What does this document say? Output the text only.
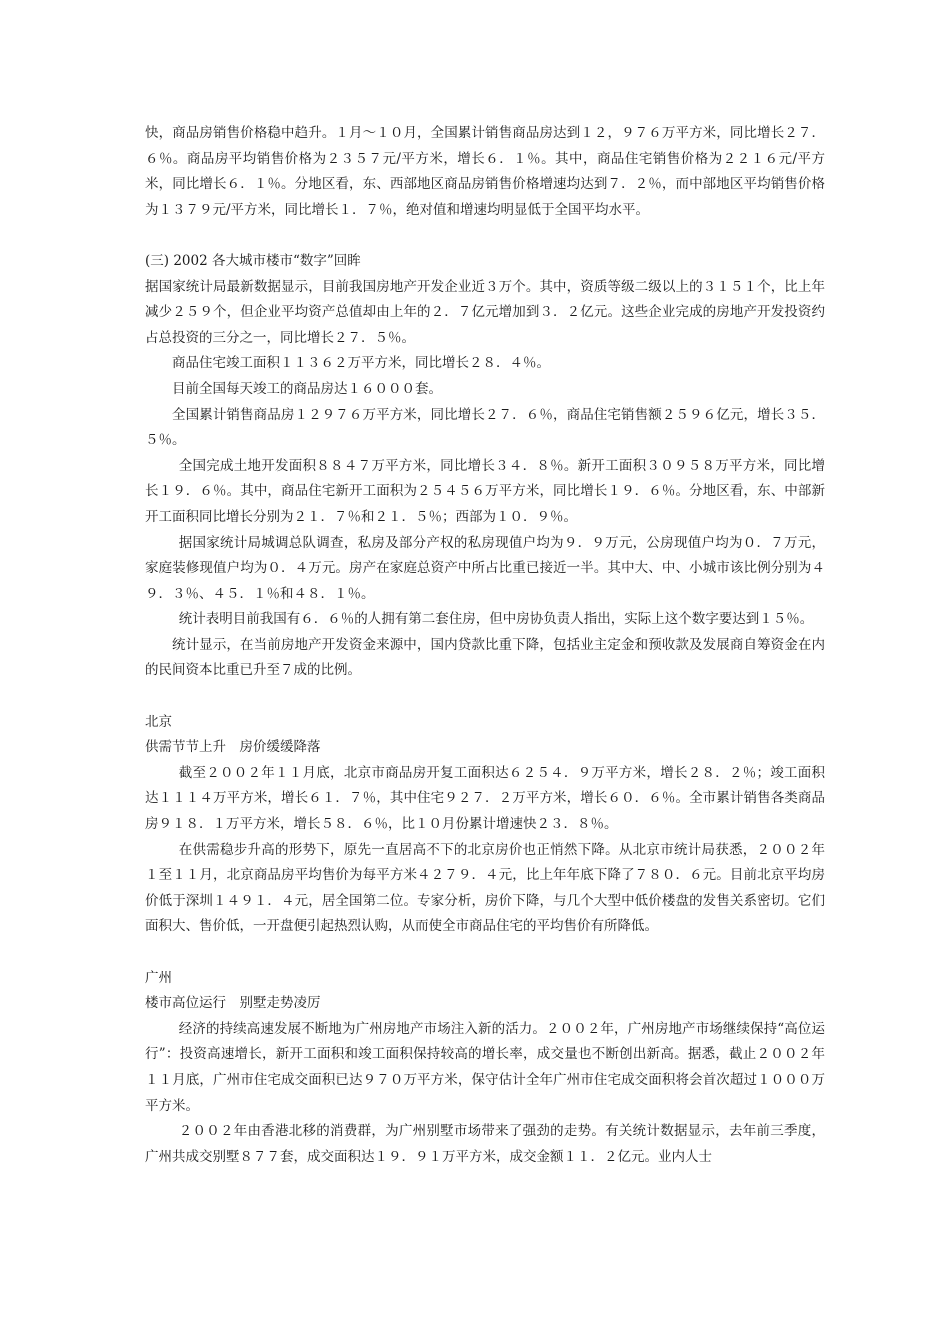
快，商品房销售价格稳中趋升。１月～１０月，全国累计销售商品房达到１２，９７６万平方米，同比增长２７．６％。商品房平均销售价格为２３５７元/平方米，增长６．１％。其中，商品住宅销售价格为２２１６元/平方米，同比增长６．１％。分地区看，东、西部地区商品房销售价格增速均达到７．２％，而中部地区平均销售价格为１３７９元/平方米，同比增长１．７％，绝对值和增速均明显低于全国平均水平。

(三) 2002 各大城市楼市“数字”回眸

据国家统计局最新数据显示，目前我国房地产开发企业近３万个。其中，资质等级二级以上的３１５１个，比上年减少２５９个，但企业平均资产总值却由上年的２．７亿元增加到３．２亿元。这些企业完成的房地产开发投资约占总投资的三分之一，同比增长２７．５％。

商品住宅竣工面积１１３６２万平方米，同比增长２８．４％。

目前全国每天竣工的商品房达１６０００套。

全国累计销售商品房１２９７６万平方米，同比增长２７．６％，商品住宅销售额２５９６亿元，增长３５．５％。

全国完成土地开发面积８８４７万平方米，同比增长３４．８％。新开工面积３０９５８万平方米，同比增长１９．６％。其中，商品住宅新开工面积为２５４５６万平方米，同比增长１９．６％。分地区看，东、中部新开工面积同比增长分别为２１．７％和２１．５％；西部为１０．９％。

据国家统计局城调总队调查，私房及部分产权的私房现值户均为９．９万元，公房现值户均为０．７万元，家庭装修现值户均为０．４万元。房产在家庭总资产中所占比重已接近一半。其中大、中、小城市该比例分别为４９．３％、４５．１％和４８．１％。

统计表明目前我国有６．６％的人拥有第二套住房，但中房协负责人指出，实际上这个数字要达到１５％。

统计显示，在当前房地产开发资金来源中，国内贷款比重下降，包括业主定金和预收款及发展商自筹资金在内的民间资本比重已升至７成的比例。

北京

供需节节上升　房价缓缓降落

截至２００２年１１月底，北京市商品房开复工面积达６２５４．９万平方米，增长２８．２％；竣工面积达１１１４万平方米，增长６１．７％，其中住宅９２７．２万平方米，增长６０．６％。全市累计销售各类商品房９１８．１万平方米，增长５８．６％，比１０月份累计增速快２３．８％。

在供需稳步升高的形势下，原先一直居高不下的北京房价也正悄然下降。从北京市统计局获悉，２００２年１至１１月，北京商品房平均售价为每平方米４２７９．４元，比上年年底下降了７８０．６元。目前北京平均房价低于深圳１４９１．４元，居全国第二位。专家分析，房价下降，与几个大型中低价楼盘的发售关系密切。它们面积大、售价低，一开盘便引起热烈认购，从而使全市商品住宅的平均售价有所降低。

广州

楼市高位运行　别墅走势凌厉

经济的持续高速发展不断地为广州房地产市场注入新的活力。２００２年，广州房地产市场继续保持“高位运行”：投资高速增长，新开工面积和竣工面积保持较高的增长率，成交量也不断创出新高。据悉，截止２００２年１１月底，广州市住宅成交面积已达９７０万平方米，保守估计全年广州市住宅成交面积将会首次超过１０００万平方米。

２００２年由香港北移的消费群，为广州别墅市场带来了强劲的走势。有关统计数据显示，去年前三季度，广州共成交别墅８７７套，成交面积达１９．９１万平方米，成交金额１１．２亿元。业内人士
